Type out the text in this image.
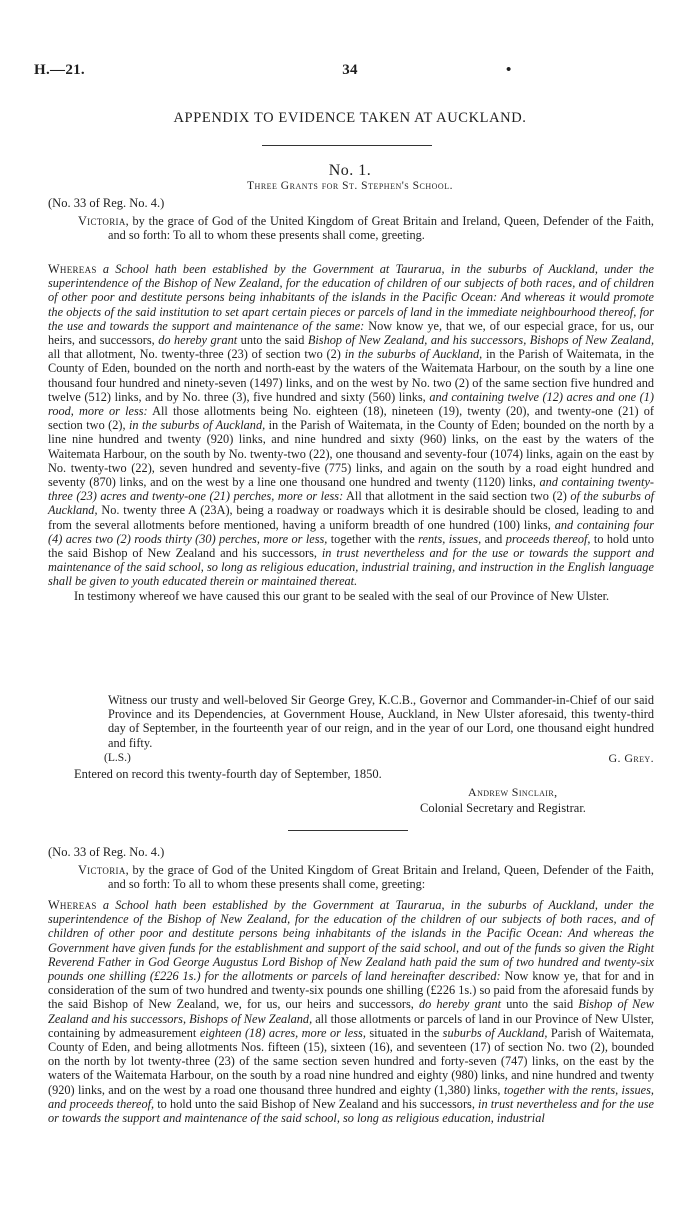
H.—21.	34	•
APPENDIX TO EVIDENCE TAKEN AT AUCKLAND.
No. 1.
Three Grants for St. Stephen's School.
(No. 33 of Reg. No. 4.)
Victoria, by the grace of God of the United Kingdom of Great Britain and Ireland, Queen, Defender of the Faith, and so forth: To all to whom these presents shall come, greeting.
Whereas a School hath been established by the Government at Taurarua, in the suburbs of Auckland, under the superintendence of the Bishop of New Zealand, for the education of children of our subjects of both races, and of children of other poor and destitute persons being inhabitants of the islands in the Pacific Ocean: And whereas it would promote the objects of the said institution to set apart certain pieces or parcels of land in the immediate neighbourhood thereof, for the use and towards the support and maintenance of the same: Now know ye, that we, of our especial grace, for us, our heirs, and successors, do hereby grant unto the said Bishop of New Zealand, and his successors, Bishops of New Zealand, all that allotment, No. twenty-three (23) of section two (2) in the suburbs of Auckland, in the Parish of Waitemata, in the County of Eden, bounded on the north and north-east by the waters of the Waitemata Harbour, on the south by a line one thousand four hundred and ninety-seven (1497) links, and on the west by No. two (2) of the same section five hundred and twelve (512) links, and by No. three (3), five hundred and sixty (560) links, and containing twelve (12) acres and one (1) rood, more or less: All those allotments being No. eighteen (18), nineteen (19), twenty (20), and twenty-one (21) of section two (2), in the suburbs of Auckland, in the Parish of Waitemata, in the County of Eden; bounded on the north by a line nine hundred and twenty (920) links, and nine hundred and sixty (960) links, on the east by the waters of the Waitemata Harbour, on the south by No. twenty-two (22), one thousand and seventy-four (1074) links, again on the east by No. twenty-two (22), seven hundred and seventy-five (775) links, and again on the south by a road eight hundred and seventy (870) links, and on the west by a line one thousand one hundred and twenty (1120) links, and containing twenty-three (23) acres and twenty-one (21) perches, more or less: All that allotment in the said section two (2) of the suburbs of Auckland, No. twenty three A (23A), being a roadway or roadways which it is desirable should be closed, leading to and from the several allotments before mentioned, having a uniform breadth of one hundred (100) links, and containing four (4) acres two (2) roods thirty (30) perches, more or less, together with the rents, issues, and proceeds thereof, to hold unto the said Bishop of New Zealand and his successors, in trust nevertheless and for the use or towards the support and maintenance of the said school, so long as religious education, industrial training, and instruction in the English language shall be given to youth educated therein or maintained thereat.
In testimony whereof we have caused this our grant to be sealed with the seal of our Province of New Ulster.
Witness our trusty and well-beloved Sir George Grey, K.C.B., Governor and Commander-in-Chief of our said Province and its Dependencies, at Government House, Auckland, in New Ulster aforesaid, this twenty-third day of September, in the fourteenth year of our reign, and in the year of our Lord, one thousand eight hundred and fifty.
(L.S.)	G. Grey.
Entered on record this twenty-fourth day of September, 1850.
Andrew Sinclair,
Colonial Secretary and Registrar.
(No. 33 of Reg. No. 4.)
Victoria, by the grace of God of the United Kingdom of Great Britain and Ireland, Queen, Defender of the Faith, and so forth: To all to whom these presents shall come, greeting:
Whereas a School hath been established by the Government at Taurarua, in the suburbs of Auckland, under the superintendence of the Bishop of New Zealand, for the education of the children of our subjects of both races, and of children of other poor and destitute persons being inhabitants of the islands in the Pacific Ocean: And whereas the Government have given funds for the establishment and support of the said school, and out of the funds so given the Right Reverend Father in God George Augustus Lord Bishop of New Zealand hath paid the sum of two hundred and twenty-six pounds one shilling (£226 1s.) for the allotments or parcels of land hereinafter described: Now know ye, that for and in consideration of the sum of two hundred and twenty-six pounds one shilling (£226 1s.) so paid from the aforesaid funds by the said Bishop of New Zealand, we, for us, our heirs and successors, do hereby grant unto the said Bishop of New Zealand and his successors, Bishops of New Zealand, all those allotments or parcels of land in our Province of New Ulster, containing by admeasurement eighteen (18) acres, more or less, situated in the suburbs of Auckland, Parish of Waitemata, County of Eden, and being allotments Nos. fifteen (15), sixteen (16), and seventeen (17) of section No. two (2), bounded on the north by lot twenty-three (23) of the same section seven hundred and forty-seven (747) links, on the east by the waters of the Waitemata Harbour, on the south by a road nine hundred and eighty (980) links, and nine hundred and twenty (920) links, and on the west by a road one thousand three hundred and eighty (1,380) links, together with the rents, issues, and proceeds thereof, to hold unto the said Bishop of New Zealand and his successors, in trust nevertheless and for the use or towards the support and maintenance of the said school, so long as religious education, industrial
